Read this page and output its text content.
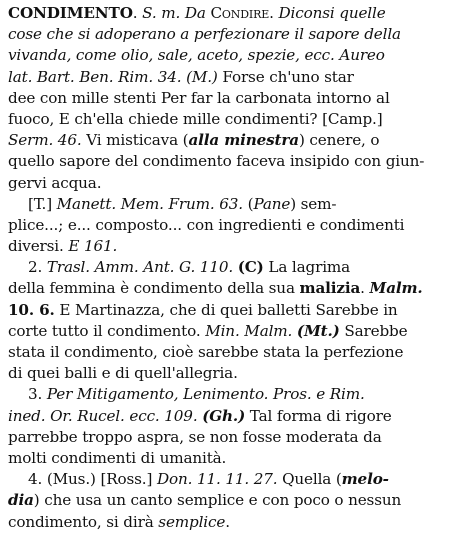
CONDIMENTO. S. m. Da Condire. Diconsi quelle
cose che si adoperano a perfezionare il sapore della
vivanda, come olio, sale, aceto, spezie, ecc. Aureo
lat. Bart. Ben. Rim. 34. (M.) Forse ch'uno star
dee con mille stenti Per far la carbonata intorno al
fuoco, E ch'ella chiede mille condimenti? [Camp.]
Serm. 46. Vi misticava (alla minestra) cenere, o
quello sapore del condimento faceva insipido con giun-
gervi acqua.
[T.] Manett. Mem. Frum. 63. (Pane) sem-
plice...; e... composto... con ingredienti e condimenti
diversi. E 161.
2. Trasl. Amm. Ant. G. 110. (C) La lagrima
della femmina è condimento della sua malizia. Malm.
10. 6. E Martinazza, che di quei balletti Sarebbe in
corte tutto il condimento. Min. Malm. (Mt.) Sarebbe
stata il condimento, cioè sarebbe stata la perfezione
di quei balli e di quell'allegria.
3. Per Mitigamento, Lenimento. Pros. e Rim.
ined. Or. Rucel. ecc. 109. (Gh.) Tal forma di rigore
parrebbe troppo aspra, se non fosse moderata da
molti condimenti di umanità.
4. (Mus.) [Ross.] Don. 11. 11. 27. Quella (melo-
dia) che usa un canto semplice e con poco o nessun
condimento, si dirà semplice.
